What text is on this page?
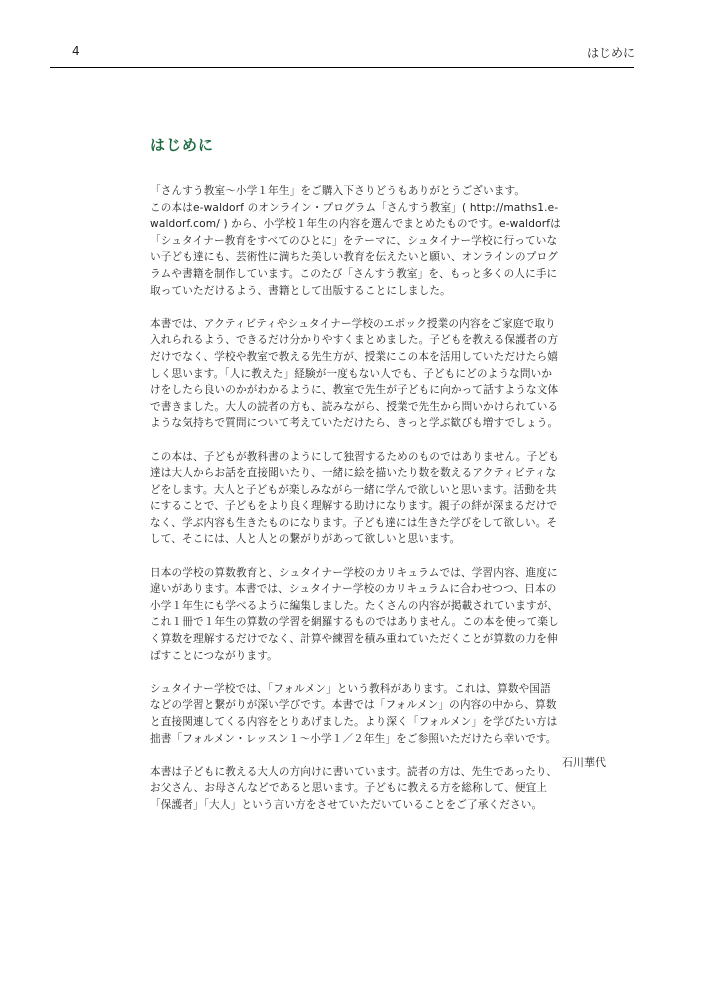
4	はじめに
はじめに

「さんすう教室〜小学１年生」をご購入下さりどうもありがとうございます。
この本はe-waldorf のオンライン・プログラム「さんすう教室」( http://maths1.e-
waldorf.com/ ) から、小学校１年生の内容を選んでまとめたものです。e-waldorfは
「シュタイナー教育をすべてのひとに」をテーマに、シュタイナー学校に行っていな
い子ども達にも、芸術性に満ちた美しい教育を伝えたいと願い、オンラインのプログ
ラムや書籍を制作しています。このたび「さんすう教室」を、もっと多くの人に手に
取っていただけるよう、書籍として出版することにしました。

本書では、アクティビティやシュタイナー学校のエポック授業の内容をご家庭で取り
入れられるよう、できるだけ分かりやすくまとめました。子どもを教える保護者の方
だけでなく、学校や教室で教える先生方が、授業にこの本を活用していただけたら嬉
しく思います。「人に教えた」経験が一度もない人でも、子どもにどのような問いか
けをしたら良いのかがわかるように、教室で先生が子どもに向かって話すような文体
で書きました。大人の読者の方も、読みながら、授業で先生から問いかけられている
ような気持ちで質問について考えていただけたら、きっと学ぶ歓びも増すでしょう。

この本は、子どもが教科書のようにして独習するためのものではありません。子ども
達は大人からお話を直接聞いたり、一緒に絵を描いたり数を数えるアクティビティな
どをします。大人と子どもが楽しみながら一緒に学んで欲しいと思います。活動を共
にすることで、子どもをより良く理解する助けになります。親子の絆が深まるだけで
なく、学ぶ内容も生きたものになります。子ども達には生きた学びをして欲しい。そ
して、そこには、人と人との繋がりがあって欲しいと思います。

日本の学校の算数教育と、シュタイナー学校のカリキュラムでは、学習内容、進度に
違いがあります。本書では、シュタイナー学校のカリキュラムに合わせつつ、日本の
小学１年生にも学べるように編集しました。たくさんの内容が掲載されていますが、
これ１冊で１年生の算数の学習を網羅するものではありません。この本を使って楽し
く算数を理解するだけでなく、計算や練習を積み重ねていただくことが算数の力を伸
ばすことにつながります。

シュタイナー学校では、「フォルメン」という教科があります。これは、算数や国語
などの学習と繋がりが深い学びです。本書では「フォルメン」の内容の中から、算数
と直接関連してくる内容をとりあげました。より深く「フォルメン」を学びたい方は
拙書「フォルメン・レッスン１〜小学１／２年生」をご参照いただけたら幸いです。

本書は子どもに教える大人の方向けに書いています。読者の方は、先生であったり、
お父さん、お母さんなどであると思います。子どもに教える方を総称して、便宜上
「保護者」「大人」という言い方をさせていただいていることをご了承ください。

石川華代
